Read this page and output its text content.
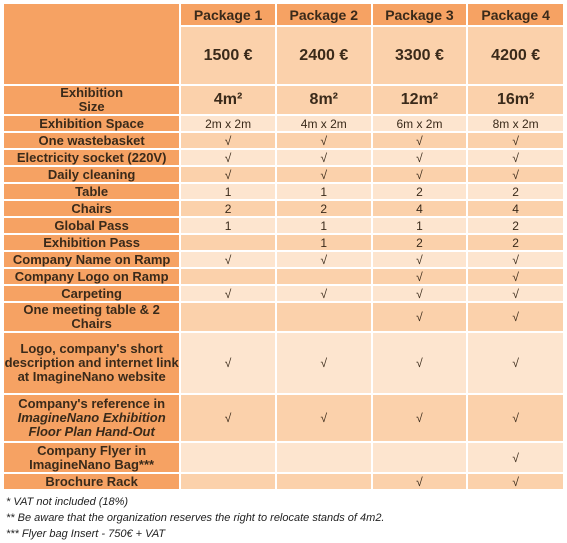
	Package 1	Package 2	Package 3	Package 4
	1500 €	2400 €	3300 €	4200 €
Exhibition
Size	4m²	8m²	12m²	16m²
Exhibition Space	2m x 2m	4m x 2m	6m x 2m	8m x 2m
One wastebasket	√	√	√	√
Electricity socket (220V)	√	√	√	√
Daily cleaning	√	√	√	√
Table	1	1	2	2
Chairs	2	2	4	4
Global Pass	1	1	1	2
Exhibition Pass		1	2	2
Company Name on Ramp	√	√	√	√
Company Logo on Ramp			√	√
Carpeting	√	√	√	√
One meeting table & 2 Chairs			√	√
Logo, company's short description and internet link at ImagineNano website	√	√	√	√
Company's reference in
ImagineNano Exhibition Floor Plan Hand-Out	√	√	√	√
Company Flyer in ImagineNano Bag***				√
Brochure Rack			√	√
* VAT not included (18%)
** Be aware that the organization reserves the right to relocate stands of 4m2.
*** Flyer bag Insert - 750€ + VAT
